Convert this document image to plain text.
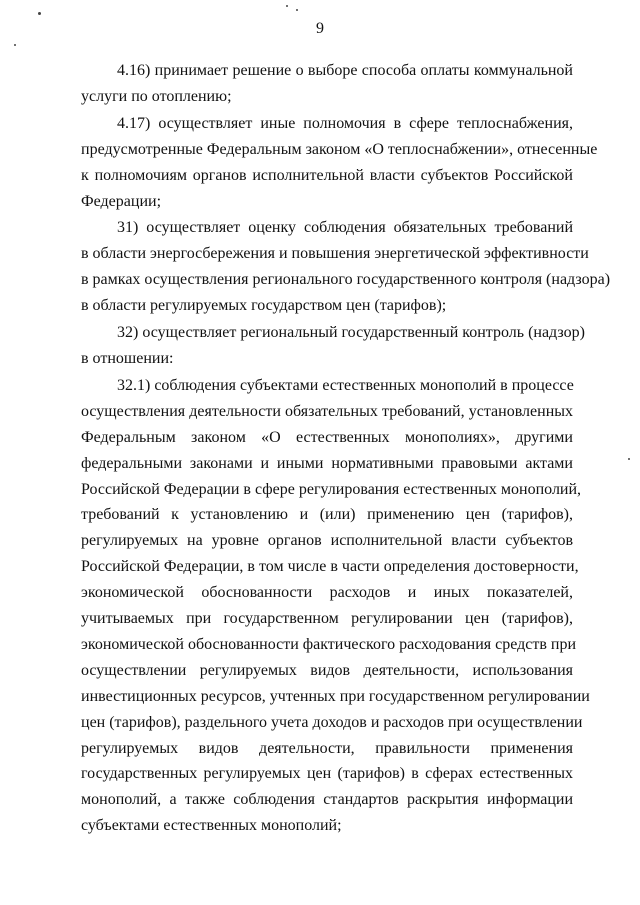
9

4.16) принимает решение о выборе способа оплаты коммунальной
услуги по отоплению;

4.17) осуществляет иные полномочия в сфере теплоснабжения,
предусмотренные Федеральным законом «О теплоснабжении», отнесенные
к полномочиям органов исполнительной власти субъектов Российской
Федерации;

31) осуществляет оценку соблюдения обязательных требований
в области энергосбережения и повышения энергетической эффективности
в рамках осуществления регионального государственного контроля (надзора)
в области регулируемых государством цен (тарифов);

32) осуществляет региональный государственный контроль (надзор)
в отношении:

32.1) соблюдения субъектами естественных монополий в процессе
осуществления деятельности обязательных требований, установленных
Федеральным законом «О естественных монополиях», другими
федеральными законами и иными нормативными правовыми актами
Российской Федерации в сфере регулирования естественных монополий,
требований к установлению и (или) применению цен (тарифов),
регулируемых на уровне органов исполнительной власти субъектов
Российской Федерации, в том числе в части определения достоверности,
экономической обоснованности расходов и иных показателей,
учитываемых при государственном регулировании цен (тарифов),
экономической обоснованности фактического расходования средств при
осуществлении регулируемых видов деятельности, использования
инвестиционных ресурсов, учтенных при государственном регулировании
цен (тарифов), раздельного учета доходов и расходов при осуществлении
регулируемых видов деятельности, правильности применения
государственных регулируемых цен (тарифов) в сферах естественных
монополий, а также соблюдения стандартов раскрытия информации
субъектами естественных монополий;
